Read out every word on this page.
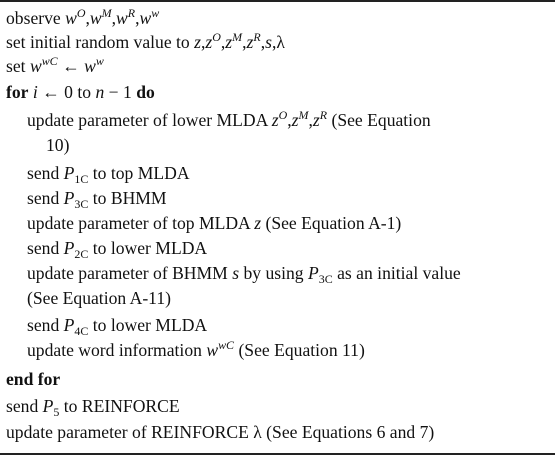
observe $w^O,w^M,w^R,w^w$
set initial random value to $z,z^O,z^M,z^R,s,\lambda$
set $w^{wC}$ ← $w^w$
for i ← 0 to n − 1 do
update parameter of lower MLDA $z^O,z^M,z^R$ (See Equation
10)
send $P_{1C}$ to top MLDA
send $P_{3C}$ to BHMM
update parameter of top MLDA z (See Equation A-1)
send $P_{2C}$ to lower MLDA
update parameter of BHMM s by using $P_{3C}$ as an initial value
(See Equation A-11)
send $P_{4C}$ to lower MLDA
update word information $w^{wC}$ (See Equation 11)
end for
send $P_5$ to REINFORCE
update parameter of REINFORCE λ (See Equations 6 and 7)
